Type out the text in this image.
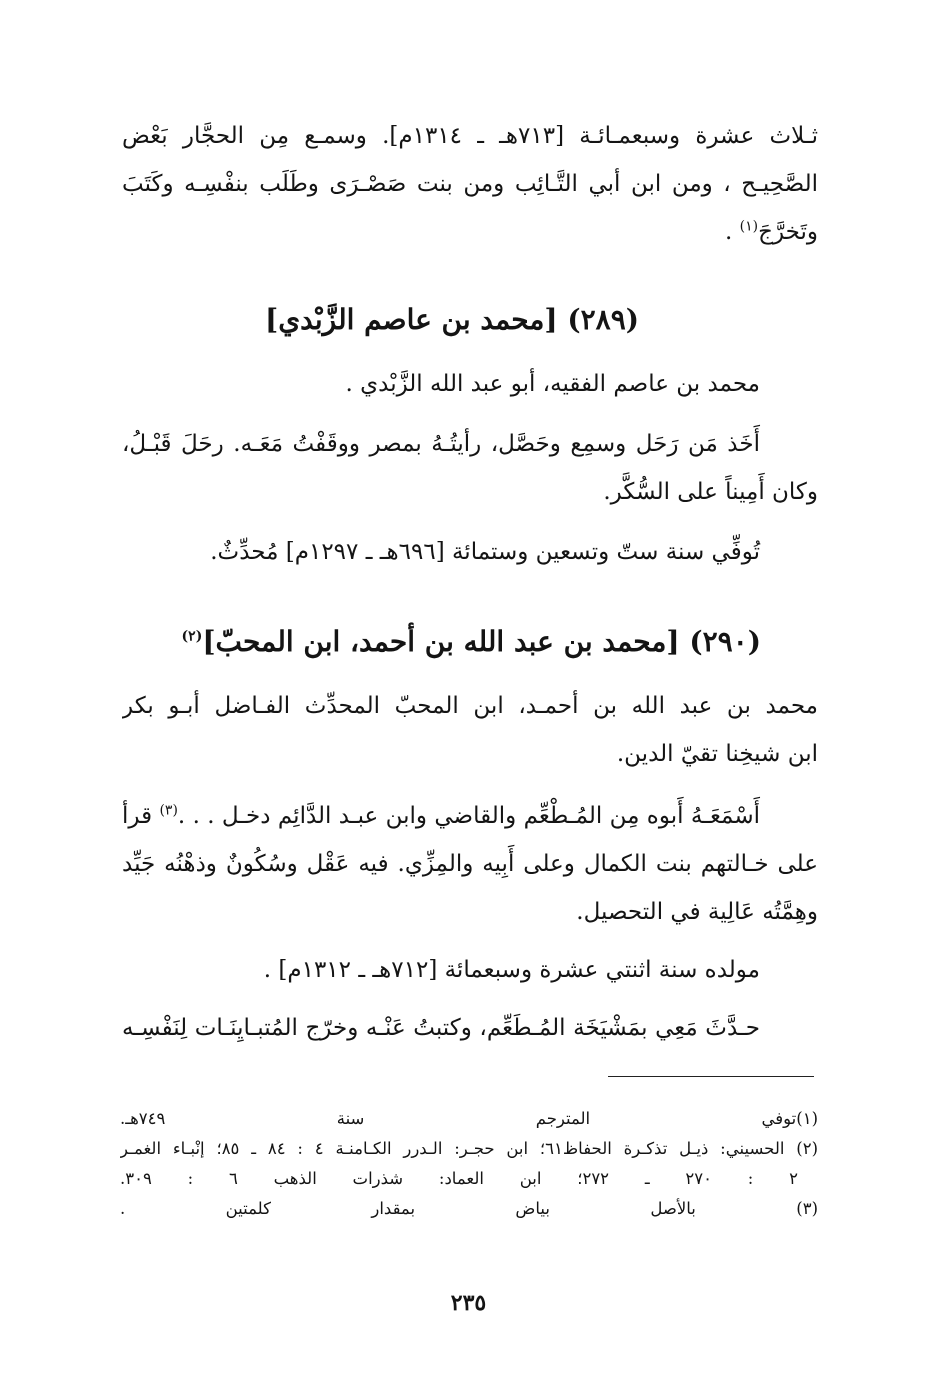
ثـلاث عشرة وسبعمـائـة [٧١٣هـ ـ ١٣١٤م]. وسمـع مِن الحجَّار بَعْض
الصَّحِيـح ، ومن ابن أبي التَّـائِب ومن بنت صَصْـرَى وطَلَب بنفْسِـه وكَتَبَ
وتَخرَّجَ$^{(١)}$ .
(٢٨٩) [محمد بن عاصم الزَّبْدي]
محمد بن عاصم الفقيه، أبو عبد الله الزَّبْدي .
أَخَذ مَن رَحَل وسمِع وحَصَّل، رأيتُـهُ بمصر ووقَفْتُ مَعَـه. رحَلَ قَبْـلُ،
وكان أَمِيناً على السُّكَّر.
تُوفِّي سنة ستّ وتسعين وستمائة [٦٩٦هـ ـ ١٢٩٧م] مُحدِّثٌ.
(٢٩٠) [محمد بن عبد الله بن أحمد، ابن المحبّ]$^{(٢)}$
محمد بن عبد الله بن أحمـد، ابن المحبّ المحدِّث الفـاضل أبـو بكر
ابن شيخِنا تقيّ الدين.
أَسْمَعَـهُ أَبوه مِن المُـطْعِّم والقاضي وابن عبـد الدَّائِم دخـل . . .$^{(٣)}$ قرأ
على خـالتهم بنت الكمال وعلى أَبِيه والمِزِّي. فيه عَقْل وسُكُونٌ وذهْنُه جَيِّد
وهِمَّتُه عَالِية في التحصيل.
مولده سنة اثنتي عشرة وسبعمائة [٧١٢هـ ـ ١٣١٢م] .
حـدَّثَ مَعِي بمَشْيَخَة المُـطَعِّم، وكتبتُ عَنْـه وخرّج المُتبـايِنَـات لِنَفْسِـه
(١)توفي المترجم سنة ٧٤٩هـ.
(٢) الحسيني: ذيـل تذكـرة الحفاظ٦١؛ ابن حجـر: الـدرر الكـامنـة ٤ : ٨٤ ـ ٨٥؛ إنْبـاء الغمـر
٢ : ٢٧٠ ـ ٢٧٢؛ ابن العماد: شذرات الذهب ٦ : ٣٠٩.
(٣) بالأصل بياض بمقدار كلمتين .
٢٣٥
